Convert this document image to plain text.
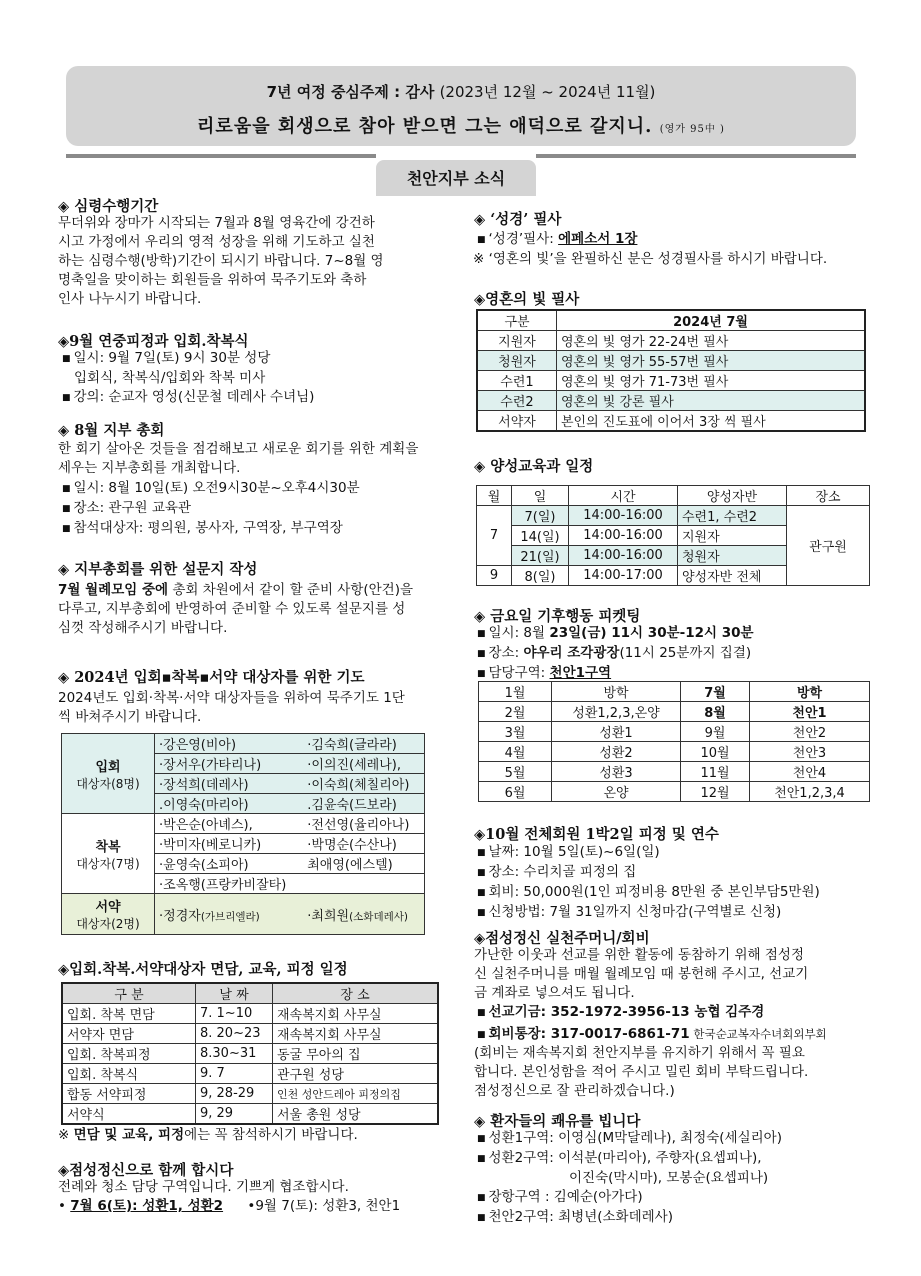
7년 여정 중심주제 : 감사 (2023년 12월 ~ 2024년 11월)
리로움을 회생으로 참아 받으면 그는 애덕으로 갈지니. (영가 95中 )
천안지부 소식
◈ 심령수행기간
무더위와 장마가 시작되는 7월과 8월 영육간에 강건하
시고 가정에서 우리의 영적 성장을 위해 기도하고 실천
하는 심령수행(방학)기간이 되시기 바랍니다. 7~8월 영
명축일을 맞이하는 회원들을 위하여 묵주기도와 축하
인사 나누시기 바랍니다.
◈9월 연중피정과 입회.착복식
■ 일시: 9월 7일(토) 9시 30분 성당
입회식, 착복식/입회와 착복 미사
■ 강의: 순교자 영성(신문철 데레사 수녀님)
◈ 8월 지부 총회
한 회기 살아온 것들을 점검해보고 새로운 회기를 위한 계획을
세우는 지부총회를 개최합니다.
■ 일시: 8월 10일(토) 오전9시30분~오후4시30분
■ 장소: 관구원 교육관
■ 참석대상자: 평의원, 봉사자, 구역장, 부구역장
◈ 지부총회를 위한 설문지 작성
7월 월례모임 중에 총회 차원에서 같이 할 준비 사항(안건)을
다루고, 지부총회에 반영하여 준비할 수 있도록 설문지를 성
심껏 작성해주시기 바랍니다.
◈ 2024년 입회▪착복▪서약 대상자를 위한 기도
2024년도 입회·착복·서약 대상자들을 위하여 묵주기도 1단
씩 바쳐주시기 바랍니다.
입회
대상자(8명)	·강은영(비아)	·김숙희(글라라)
	·장서우(가타리나)	·이의진(세레나),
	·장석희(데레사)	·이숙희(체칠리아)
	.이영숙(마리아)	.김윤숙(드보라)

착복
대상자(7명)	·박은순(아녜스),	·전선영(율리아나)
	·박미자(베로니카)	·박명순(수산나)
	·윤영숙(소피아)	최애영(에스텔)
	·조옥행(프랑카비잘타)	

서약
대상자(2명)	·정경자(가브리엘라)	·최희원(소화데레사)
◈입회.착복.서약대상자 면담, 교육, 피정 일정
구 분	날 짜	장 소
입회. 착복 면담	7. 1~10	재속복지회 사무실
서약자 면담	8. 20~23	재속복지회 사무실
입회. 착복피정	8.30~31	동굴 무아의 집
입회. 착복식	9. 7	관구원 성당
합동 서약피정	9, 28-29	인천 성안드레아 피정의집
서약식	9, 29	서울 총원 성당
※ 면담 및 교육, 피정에는 꼭 참석하시기 바랍니다.
◈점성정신으로 함께 합시다
전례와 청소 담당 구역입니다. 기쁘게 협조합시다.
• 7월 6(토): 성환1, 성환2 •9월 7(토): 성환3, 천안1
◈ ‘성경’ 필사
■ ‘성경’필사: 에페소서 1장
※ ‘영혼의 빛’을 완필하신 분은 성경필사를 하시기 바랍니다.
◈영혼의 빛 필사
구분	2024년 7월
지원자	영혼의 빛 영가 22-24번 필사
청원자	영혼의 빛 영가 55-57번 필사
수련1	영혼의 빛 영가 71-73번 필사
수련2	영혼의 빛 강론 필사
서약자	본인의 진도표에 이어서 3장 씩 필사
◈ 양성교육과 일정
월	일	시간	양성자반	장소
7	7(일)	14:00-16:00	수련1, 수련2	관구원
	14(일)	14:00-16:00	지원자	
	21(일)	14:00-16:00	청원자	
9	8(일)	14:00-17:00	양성자반 전체	
◈ 금요일 기후행동 피켓팅
■ 일시: 8월 23일(금) 11시 30분-12시 30분
■ 장소: 야우리 조각광장(11시 25분까지 집결)
■ 담당구역: 천안1구역
1월	방학	7월	방학
2월	성환1,2,3,온양	8월	천안1
3월	성환1	9월	천안2
4월	성환2	10월	천안3
5월	성환3	11월	천안4
6월	온양	12월	천안1,2,3,4
◈10월 전체회원 1박2일 피정 및 연수
■ 날짜: 10월 5일(토)~6일(일)
■ 장소: 수리치골 피정의 집
■ 회비: 50,000원(1인 피정비용 8만원 중 본인부담5만원)
■ 신청방법: 7월 31일까지 신청마감(구역별로 신청)
◈점성정신 실천주머니/회비
가난한 이웃과 선교를 위한 활동에 동참하기 위해 점성정
신 실천주머니를 매월 월례모임 때 봉헌해 주시고, 선교기
금 계좌로 넣으셔도 됩니다.
■ 선교기금: 352-1972-3956-13 농협 김주경
■ 회비통장: 317-0017-6861-71 한국순교복자수녀회외부회
(회비는 재속복지회 천안지부를 유지하기 위해서 꼭 필요
합니다. 본인성함을 적어 주시고 밀린 회비 부탁드립니다.
점성정신으로 잘 관리하겠습니다.)
◈ 환자들의 쾌유를 빕니다
■ 성환1구역: 이영심(M막달레나), 최정숙(세실리아)
■ 성환2구역: 이석분(마리아), 주향자(요셉피나),
이진숙(막시마), 모봉순(요셉피나)
■ 장항구역 : 김예순(아가다)
■ 천안2구역: 최병년(소화데레사)
